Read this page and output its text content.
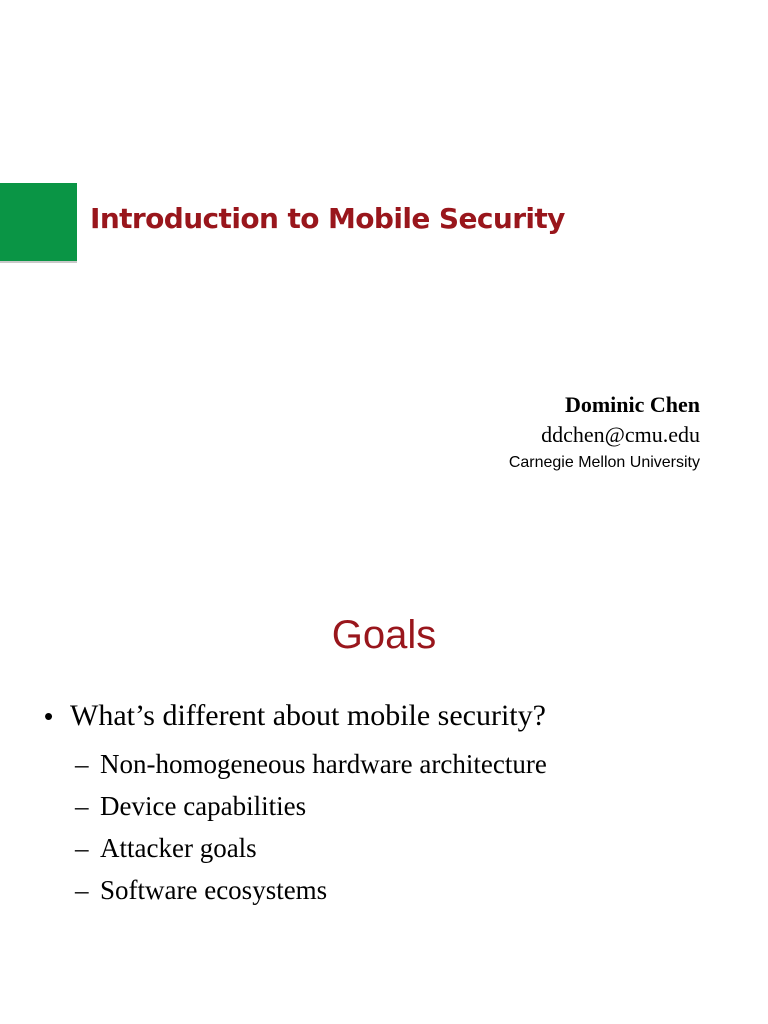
Introduction to Mobile Security
Dominic Chen
ddchen@cmu.edu
Carnegie Mellon University
Goals
• What’s different about mobile security?
– Non-homogeneous hardware architecture
– Device capabilities
– Attacker goals
– Software ecosystems
